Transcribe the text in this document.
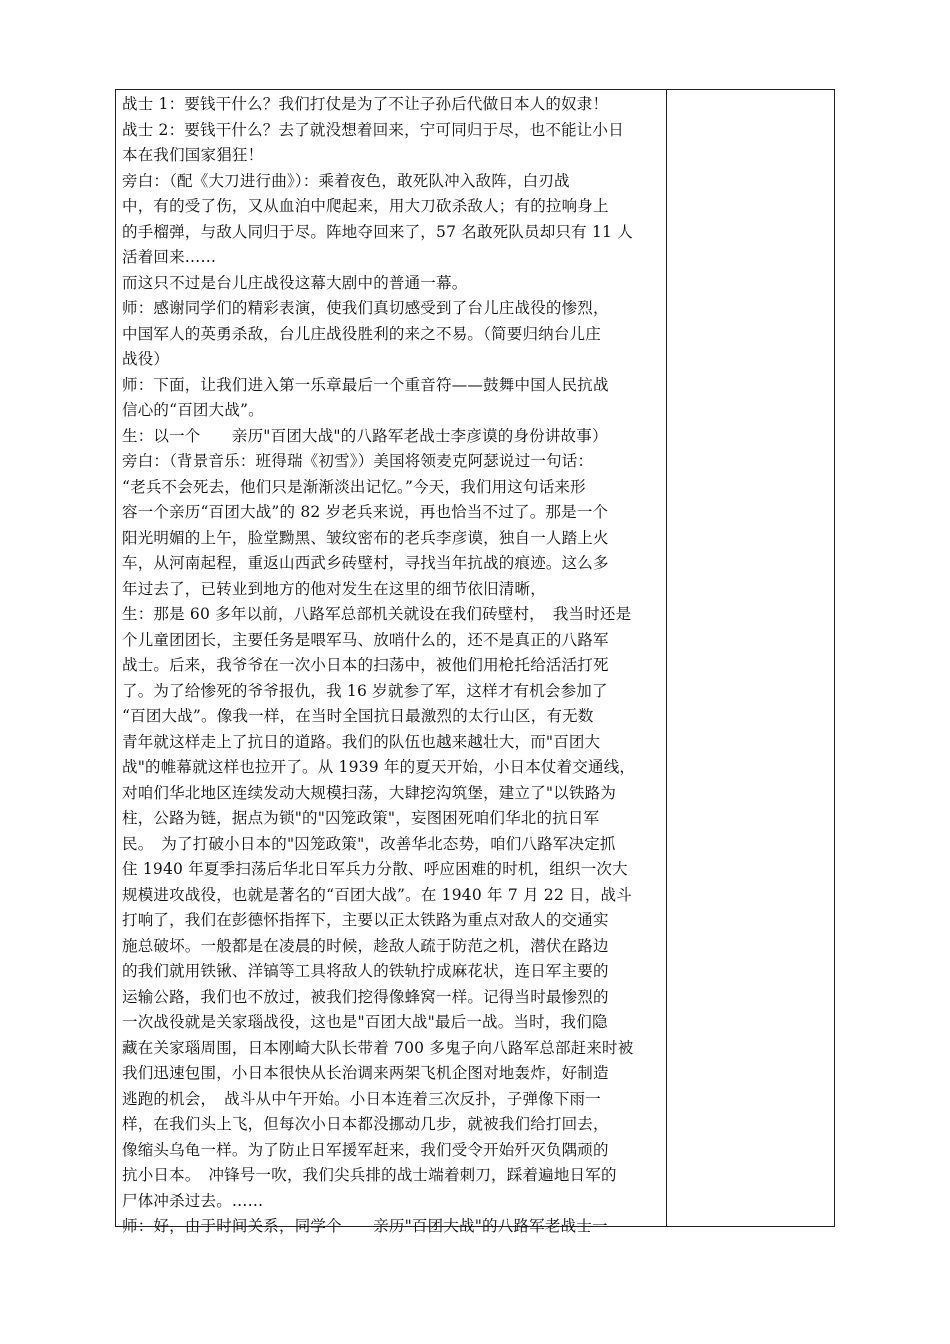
战士 1：要钱干什么？我们打仗是为了不让子孙后代做日本人的奴隶！
战士 2：要钱干什么？去了就没想着回来，宁可同归于尽，也不能让小日
本在我们国家猖狂！
旁白：（配《大刀进行曲》）：乘着夜色，敢死队冲入敌阵，白刃战
中，有的受了伤，又从血泊中爬起来，用大刀砍杀敌人；有的拉响身上
的手榴弹，与敌人同归于尽。阵地夺回来了，57 名敢死队员却只有 11 人
活着回来……
而这只不过是台儿庄战役这幕大剧中的普通一幕。
师：感谢同学们的精彩表演，使我们真切感受到了台儿庄战役的惨烈，
中国军人的英勇杀敌，台儿庄战役胜利的来之不易。（简要归纳台儿庄
战役）
师：下面，让我们进入第一乐章最后一个重音符——鼓舞中国人民抗战
信心的“百团大战”。
生：以一个　　亲历"百团大战"的八路军老战士李彦谟的身份讲故事）
旁白：（背景音乐：班得瑞《初雪》）美国将领麦克阿瑟说过一句话：
“老兵不会死去，他们只是渐渐淡出记忆。”今天，我们用这句话来形
容一个亲历“百团大战”的 82 岁老兵来说，再也恰当不过了。那是一个
阳光明媚的上午，脸堂黝黑、皱纹密布的老兵李彦谟，独自一人踏上火
车，从河南起程，重返山西武乡砖壁村，寻找当年抗战的痕迹。这么多
年过去了，已转业到地方的他对发生在这里的细节依旧清晰，
生：那是 60 多年以前，八路军总部机关就设在我们砖壁村，　我当时还是
个儿童团团长，主要任务是喂军马、放哨什么的，还不是真正的八路军
战士。后来，我爷爷在一次小日本的扫荡中，被他们用枪托给活活打死
了。为了给惨死的爷爷报仇，我 16 岁就参了军，这样才有机会参加了
“百团大战”。像我一样，在当时全国抗日最激烈的太行山区，有无数
青年就这样走上了抗日的道路。我们的队伍也越来越壮大，而"百团大
战"的帷幕就这样也拉开了。从 1939 年的夏天开始，小日本仗着交通线，
对咱们华北地区连续发动大规模扫荡，大肆挖沟筑堡，建立了"以铁路为
柱，公路为链，据点为锁"的"囚笼政策"，妄图困死咱们华北的抗日军
民。　为了打破小日本的"囚笼政策"，改善华北态势，咱们八路军决定抓
住 1940 年夏季扫荡后华北日军兵力分散、呼应困难的时机，组织一次大
规模进攻战役，也就是著名的“百团大战”。在 1940 年 7 月 22 日，战斗
打响了，我们在彭德怀指挥下，主要以正太铁路为重点对敌人的交通实
施总破坏。一般都是在凌晨的时候，趁敌人疏于防范之机，潜伏在路边
的我们就用铁锹、洋镐等工具将敌人的铁轨拧成麻花状，连日军主要的
运输公路，我们也不放过，被我们挖得像蜂窝一样。记得当时最惨烈的
一次战役就是关家瑙战役，这也是"百团大战"最后一战。当时，我们隐
藏在关家瑙周围，日本刚崎大队长带着 700 多鬼子向八路军总部赶来时被
我们迅速包围，小日本很快从长治调来两架飞机企图对地轰炸，好制造
逃跑的机会，　战斗从中午开始。小日本连着三次反扑，子弹像下雨一
样，在我们头上飞，但每次小日本都没挪动几步，就被我们给打回去，
像缩头乌龟一样。为了防止日军援军赶来，我们受令开始歼灭负隅顽的
抗小日本。　冲锋号一吹，我们尖兵排的战士端着刺刀，踩着遍地日军的
尸体冲杀过去。……
师：好，由于时间关系，同学个　　亲历"百团大战"的八路军老战士一
